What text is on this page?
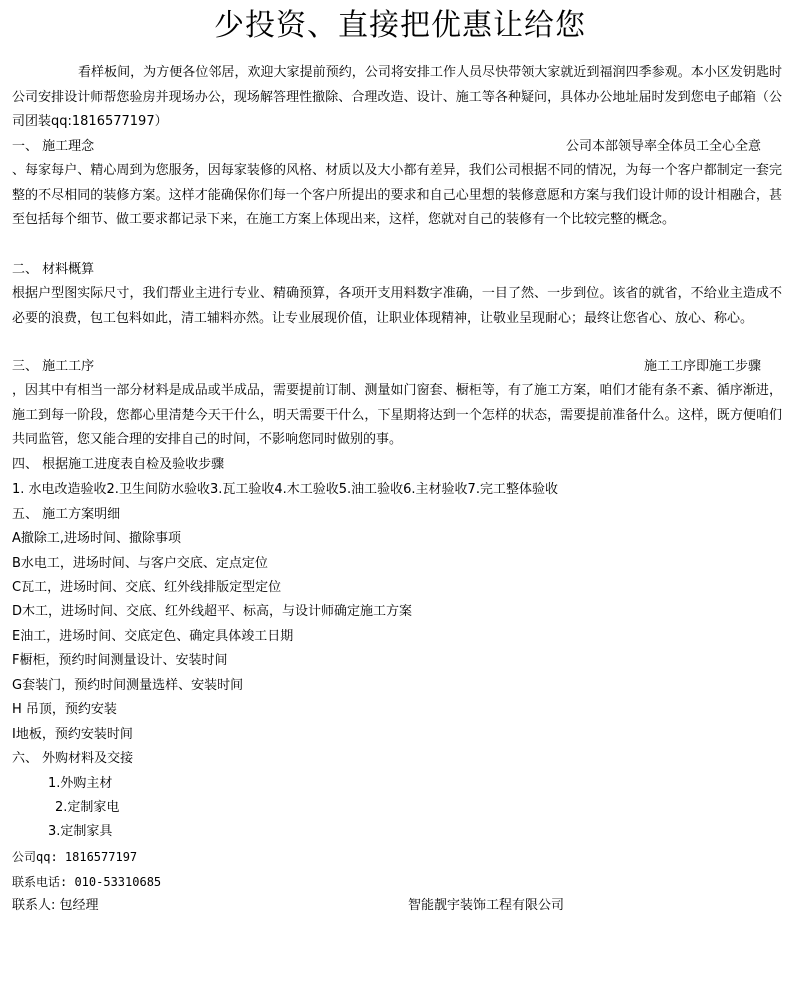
少投资、直接把优惠让给您
看样板间，为方便各位邻居，欢迎大家提前预约，公司将安排工作人员尽快带领大家就近到福润四季参观。本小区发钥匙时公司安排设计师帮您验房并现场办公，现场解答理性撤除、合理改造、设计、施工等各种疑问，具体办公地址届时发到您电子邮箱（公司团装qq:1816577197）
一、 施工理念	公司本部领导率全体员工全心全意
、每家每户、精心周到为您服务，因每家装修的风格、材质以及大小都有差异，我们公司根据不同的情况，为每一个客户都制定一套完整的不尽相同的装修方案。这样才能确保你们每一个客户所提出的要求和自己心里想的装修意愿和方案与我们设计师的设计相融合，甚至包括每个细节、做工要求都记录下来，在施工方案上体现出来，这样，您就对自己的装修有一个比较完整的概念。
二、 材料概算
根据户型图实际尺寸，我们帮业主进行专业、精确预算，各项开支用料数字准确，一目了然、一步到位。该省的就省，不给业主造成不必要的浪费，包工包料如此，清工辅料亦然。让专业展现价值，让职业体现精神，让敬业呈现耐心；最终让您省心、放心、称心。
三、 施工工序	施工工序即施工步骤
，因其中有相当一部分材料是成品或半成品，需要提前订制、测量如门窗套、橱柜等，有了施工方案，咱们才能有条不紊、循序渐进，施工到每一阶段，您都心里清楚今天干什么，明天需要干什么，下星期将达到一个怎样的状态，需要提前准备什么。这样，既方便咱们共同监管，您又能合理的安排自己的时间，不影响您同时做别的事。
四、 根据施工进度表自检及验收步骤
1. 水电改造验收2.卫生间防水验收3.瓦工验收4.木工验收5.油工验收6.主材验收7.完工整体验收
五、 施工方案明细
A撤除工,进场时间、撤除事项
B水电工，进场时间、与客户交底、定点定位
C瓦工，进场时间、交底、红外线排版定型定位
D木工，进场时间、交底、红外线超平、标高，与设计师确定施工方案
E油工，进场时间、交底定色、确定具体竣工日期
F橱柜，预约时间测量设计、安装时间
G套装门，预约时间测量选样、安装时间
H 吊顶，预约安装
I地板，预约安装时间
六、 外购材料及交接
1.外购主材
2.定制家电
3.定制家具
公司qq: 1816577197
联系电话: 010-53310685
联系人: 包经理	智能靓宇装饰工程有限公司
